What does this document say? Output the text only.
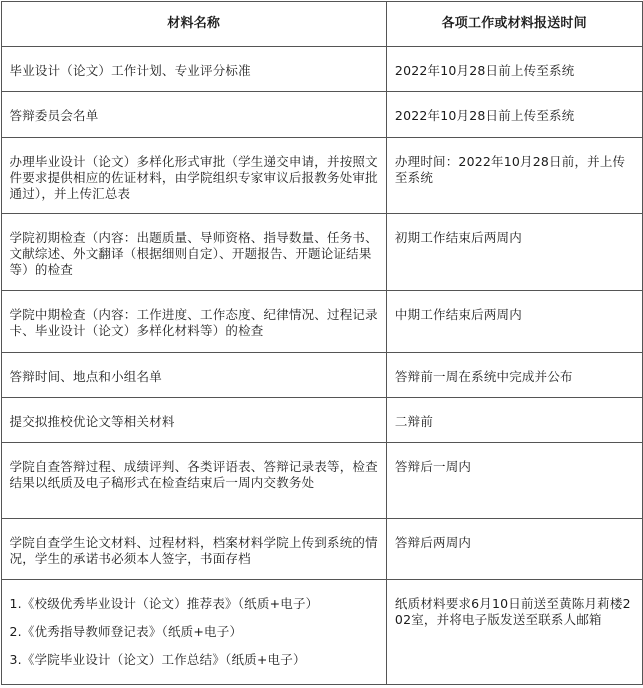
材料名称	各项工作或材料报送时间

毕业设计（论文）工作计划、专业评分标准	2022年10月28日前上传至系统

答辩委员会名单	2022年10月28日前上传至系统

办理毕业设计（论文）多样化形式审批（学生递交申请，并按照文件要求提供相应的佐证材料，由学院组织专家审议后报教务处审批通过），并上传汇总表	办理时间：2022年10月28日前，并上传至系统

学院初期检查（内容：出题质量、导师资格、指导数量、任务书、文献综述、外文翻译（根据细则自定）、开题报告、开题论证结果等）的检查	初期工作结束后两周内

学院中期检查（内容：工作进度、工作态度、纪律情况、过程记录卡、毕业设计（论文）多样化材料等）的检查	中期工作结束后两周内

答辩时间、地点和小组名单	答辩前一周在系统中完成并公布

提交拟推校优论文等相关材料	二辩前

学院自查答辩过程、成绩评判、各类评语表、答辩记录表等，检查结果以纸质及电子稿形式在检查结束后一周内交教务处	答辩后一周内

学院自查学生论文材料、过程材料，档案材料学院上传到系统的情况，学生的承诺书必须本人签字，书面存档	答辩后两周内

1.《校级优秀毕业设计（论文）推荐表》（纸质+电子）
2.《优秀指导教师登记表》（纸质+电子）
3.《学院毕业设计（论文）工作总结》（纸质+电子）	纸质材料要求6月10日前送至黄陈月莉楼202室，并将电子版发送至联系人邮箱
